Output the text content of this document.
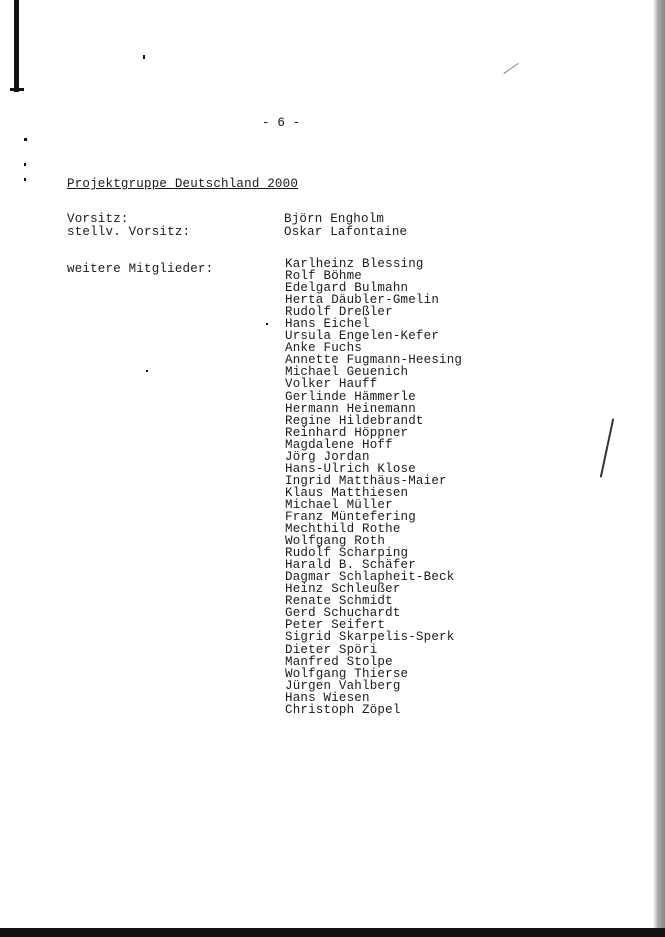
- 6 -
Projektgruppe Deutschland 2000
Vorsitz:	Björn Engholm
stellv. Vorsitz:	Oskar Lafontaine
weitere Mitglieder:	Karlheinz Blessing
Rolf Böhme
Edelgard Bulmahn
Herta Däubler-Gmelin
Rudolf Dreßler
Hans Eichel
Ursula Engelen-Kefer
Anke Fuchs
Annette Fugmann-Heesing
Michael Geuenich
Volker Hauff
Gerlinde Hämmerle
Hermann Heinemann
Regine Hildebrandt
Reinhard Höppner
Magdalene Hoff
Jörg Jordan
Hans-Ulrich Klose
Ingrid Matthäus-Maier
Klaus Matthiesen
Michael Müller
Franz Müntefering
Mechthild Rothe
Wolfgang Roth
Rudolf Scharping
Harald B. Schäfer
Dagmar Schlapheit-Beck
Heinz Schleußer
Renate Schmidt
Gerd Schuchardt
Peter Seifert
Sigrid Skarpelis-Sperk
Dieter Spöri
Manfred Stolpe
Wolfgang Thierse
Jürgen Vahlberg
Hans Wiesen
Christoph Zöpel
